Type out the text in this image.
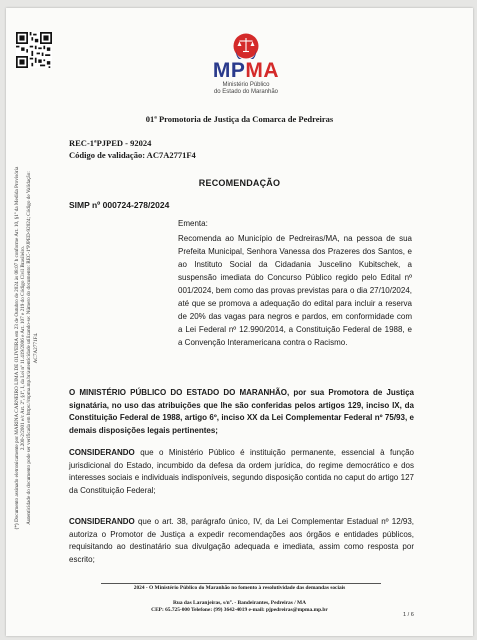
(*) Documento assinado eletronicamente por MARINA CARNEIRO LIMA DE OLIVEIRA em 23 de Outubro de 2024 às 08:07 h conforme Art. 10, §1º da Medida Provisória 2.200-2/2001 e/c Art. 2º, §1º, I, da Lei nº 11.419/2006 e Art. 107 e 219 do Código Civil Brasileiro. Autenticidade do documento pode ser verificada em https://mpma.mp.br/autenticidade utilizando-se: Número do documento: REC-1ªPJPED-92024; Código de Validação: AC7A2771F4.
MPMA
Ministério Público
do Estado do Maranhão
01ª Promotoria de Justiça da Comarca de Pedreiras
REC-1ªPJPED - 92024
Código de validação: AC7A2771F4
RECOMENDAÇÃO
SIMP nº 000724-278/2024
Ementa:
Recomenda ao Município de Pedreiras/MA, na pessoa de sua Prefeita Municipal, Senhora Vanessa dos Prazeres dos Santos, e ao Instituto Social da Cidadania Juscelino Kubitschek, a suspensão imediata do Concurso Público regido pelo Edital nº 001/2024, bem como das provas previstas para o dia 27/10/2024, até que se promova a adequação do edital para incluir a reserva de 20% das vagas para negros e pardos, em conformidade com a Lei Federal nº 12.990/2014, a Constituição Federal de 1988, e a Convenção Interamericana contra o Racismo.
O MINISTÉRIO PÚBLICO DO ESTADO DO MARANHÃO, por sua Promotora de Justiça signatária, no uso das atribuições que lhe são conferidas pelos artigos 129, inciso IX, da Constituição Federal de 1988, artigo 6º, inciso XX da Lei Complementar Federal nº 75/93, e demais disposições legais pertinentes;
CONSIDERANDO que o Ministério Público é instituição permanente, essencial à função jurisdicional do Estado, incumbido da defesa da ordem jurídica, do regime democrático e dos interesses sociais e individuais indisponíveis, segundo disposição contida no caput do artigo 127 da Constituição Federal;
CONSIDERANDO que o art. 38, parágrafo único, IV, da Lei Complementar Estadual nº 12/93, autoriza o Promotor de Justiça a expedir recomendações aos órgãos e entidades públicos, requisitando ao destinatário sua divulgação adequada e imediata, assim como resposta por escrito;
2024 - O Ministério Público do Maranhão no fomento à resolutividade das demandas sociais
Rua das Laranjeiras, s/n°. - Bandeirantes, Pedreiras / MA
CEP: 65.725-000 Telefone: (99) 3642-4019 e-mail: pjpedreiras@mpma.mp.br
1 / 6
